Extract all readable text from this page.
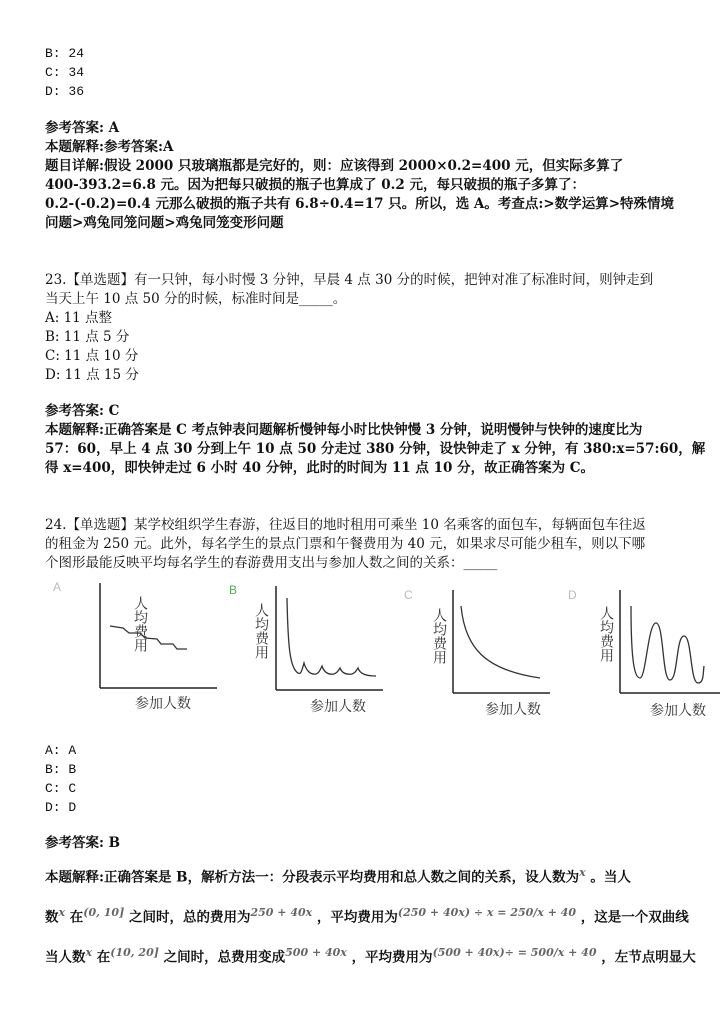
B: 24
C: 34
D: 36
参考答案: A
本题解释:参考答案:A
题目详解:假设 2000 只玻璃瓶都是完好的，则：应该得到 2000×0.2=400 元，但实际多算了
400-393.2=6.8 元。因为把每只破损的瓶子也算成了 0.2 元，每只破损的瓶子多算了：
0.2-(-0.2)=0.4 元那么破损的瓶子共有 6.8÷0.4=17 只。所以，选 A。考查点:>数学运算>特殊情境
问题>鸡兔同笼问题>鸡兔同笼变形问题
23.【单选题】有一只钟，每小时慢 3 分钟，早晨 4 点 30 分的时候，把钟对准了标准时间，则钟走到
当天上午 10 点 50 分的时候，标准时间是_____。
A: 11 点整
B: 11 点 5 分
C: 11 点 10 分
D: 11 点 15 分
参考答案: C
本题解释:正确答案是 C 考点钟表问题解析慢钟每小时比快钟慢 3 分钟，说明慢钟与快钟的速度比为
57：60，早上 4 点 30 分到上午 10 点 50 分走过 380 分钟，设快钟走了 x 分钟，有 380:x=57:60，解
得 x=400，即快钟走过 6 小时 40 分钟，此时的时间为 11 点 10 分，故正确答案为 C。
24.【单选题】某学校组织学生春游，往返目的地时租用可乘坐 10 名乘客的面包车，每辆面包车往返
的租金为 250 元。此外，每名学生的景点门票和午餐费用为 40 元，如果求尽可能少租车，则以下哪
个图形最能反映平均每名学生的春游费用支出与参加人数之间的关系：_____
A
人均费用
参加人数
B
人均费用
参加人数
C
人均费用
参加人数
D
人均费用
参加人数
A: A
B: B
C: C
D: D
参考答案: B
本题解释:正确答案是 B，解析方法一：分段表示平均费用和总人数之间的关系，设人数为$^x$ 。当人
数$^x$ 在$^{(0, 10]}$ 之间时，总的费用为$^{250 + 40x}$ ，平均费用为$^{(250 + 40x) \div x = 250/x + 40}$ ，这是一个双曲线
当人数$^x$ 在$^{(10, 20]}$ 之间时，总费用变成$^{500 + 40x}$ ，平均费用为$^{(500 + 40x)\div = 500/x + 40}$ ，左节点明显大
